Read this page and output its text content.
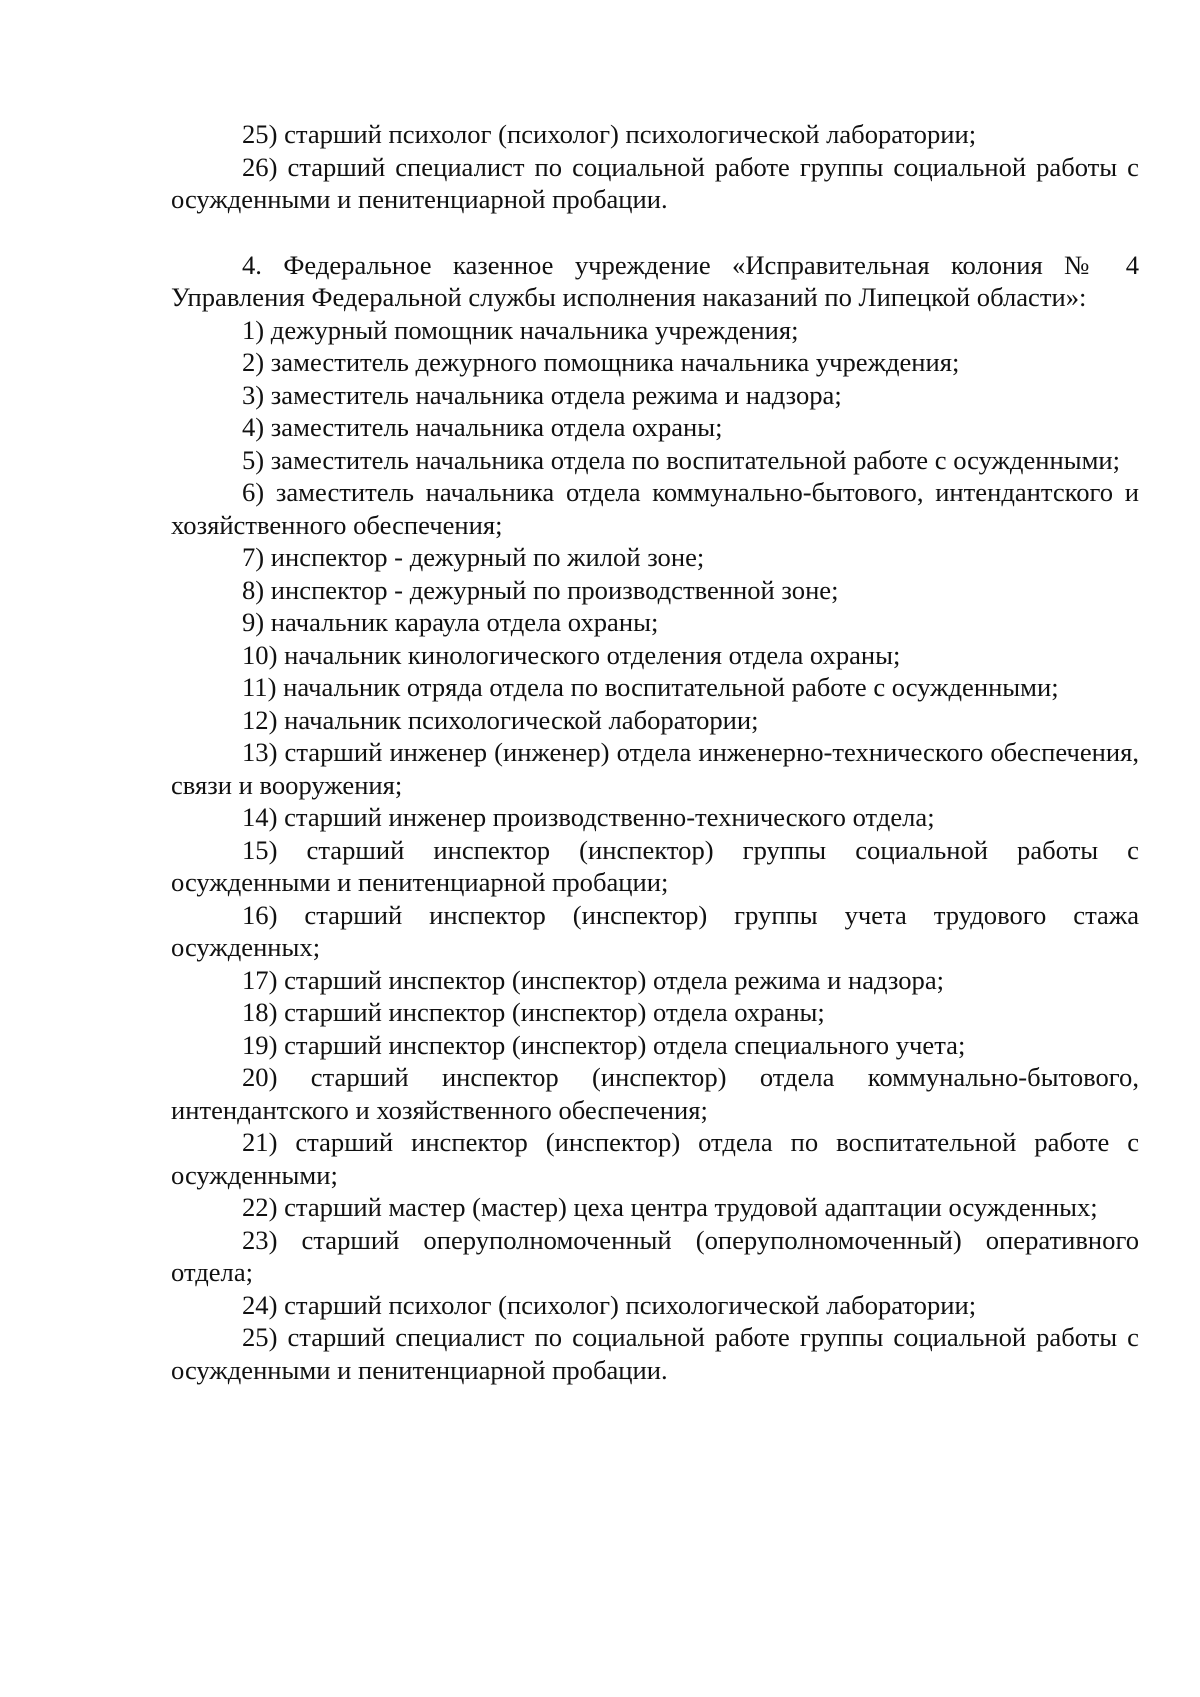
25) старший психолог (психолог) психологической лаборатории;

26) старший специалист по социальной работе группы социальной работы с осужденными и пенитенциарной пробации.

4. Федеральное казенное учреждение «Исправительная колония № 4 Управления Федеральной службы исполнения наказаний по Липецкой области»:

1) дежурный помощник начальника учреждения;

2) заместитель дежурного помощника начальника учреждения;

3) заместитель начальника отдела режима и надзора;

4) заместитель начальника отдела охраны;

5) заместитель начальника отдела по воспитательной работе с осужденными;

6) заместитель начальника отдела коммунально-бытового, интендантского и хозяйственного обеспечения;

7) инспектор - дежурный по жилой зоне;

8) инспектор - дежурный по производственной зоне;

9) начальник караула отдела охраны;

10) начальник кинологического отделения отдела охраны;

11) начальник отряда отдела по воспитательной работе с осужденными;

12) начальник психологической лаборатории;

13) старший инженер (инженер) отдела инженерно-технического обеспечения, связи и вооружения;

14) старший инженер производственно-технического отдела;

15) старший инспектор (инспектор) группы социальной работы с осужденными и пенитенциарной пробации;

16) старший инспектор (инспектор) группы учета трудового стажа осужденных;

17) старший инспектор (инспектор) отдела режима и надзора;

18) старший инспектор (инспектор) отдела охраны;

19) старший инспектор (инспектор) отдела специального учета;

20) старший инспектор (инспектор) отдела коммунально-бытового, интендантского и хозяйственного обеспечения;

21) старший инспектор (инспектор) отдела по воспитательной работе с осужденными;

22) старший мастер (мастер) цеха центра трудовой адаптации осужденных;

23) старший оперуполномоченный (оперуполномоченный) оперативного отдела;

24) старший психолог (психолог) психологической лаборатории;

25) старший специалист по социальной работе группы социальной работы с осужденными и пенитенциарной пробации.
